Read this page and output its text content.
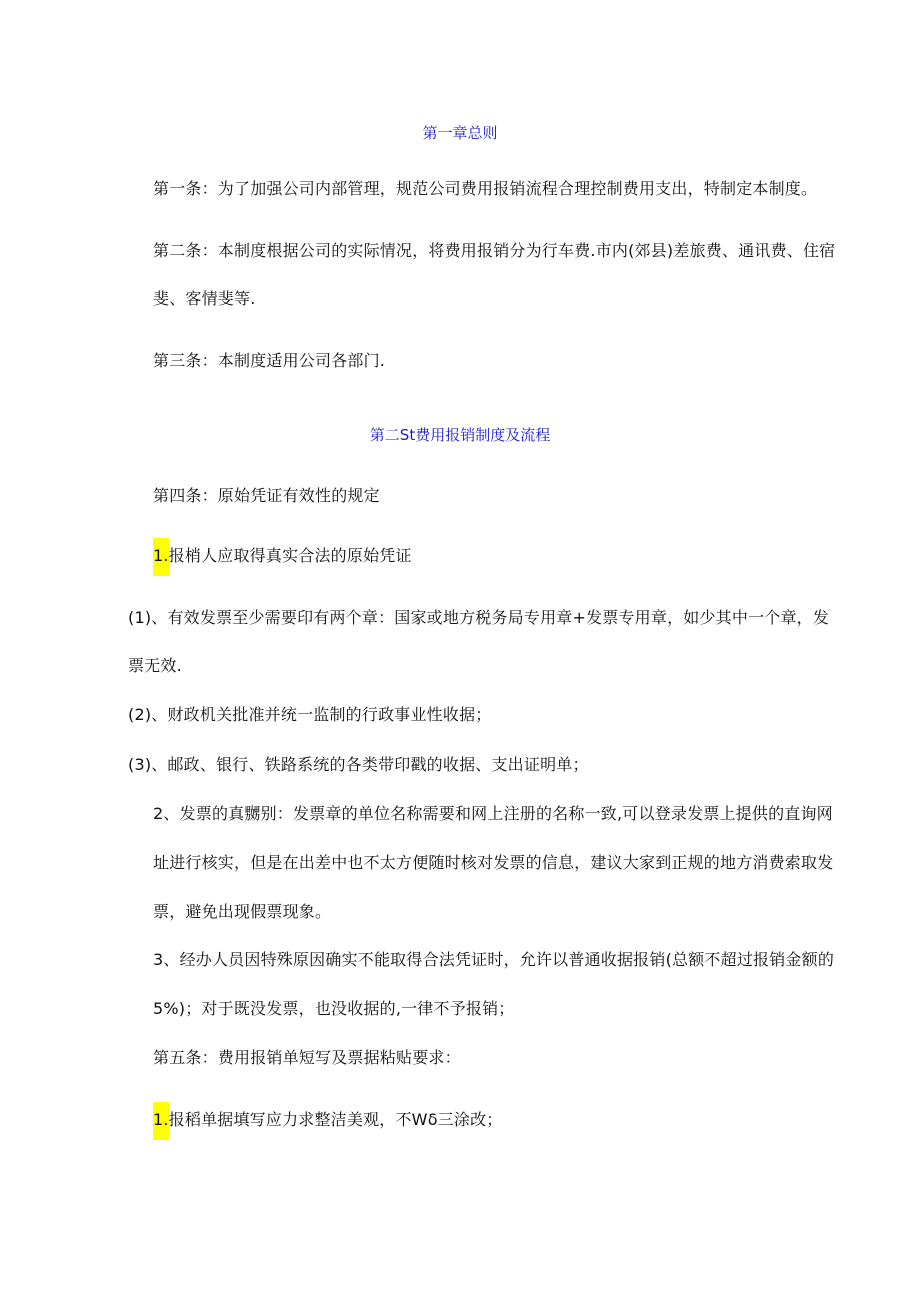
第一章总则
第一条：为了加强公司内部管理，规范公司费用报销流程合理控制费用支出，特制定本制度。
第二条：本制度根据公司的实际情况，将费用报销分为行车费.市内(郊县)差旅费、通讯费、住宿
斐、客情斐等.
第三条：本制度适用公司各部门.
第二St费用报销制度及流程
第四条：原始凭证有效性的规定
1.报梢人应取得真实合法的原始凭证
(1)、有效发票至少需要印有两个章：国家或地方税务局专用章+发票专用章，如少其中一个章，发
票无效.
(2)、财政机关批准并统一监制的行政事业性收据；
(3)、邮政、银行、铁路系统的各类带印戳的收据、支出证明单；
2、发票的真嬲别：发票章的单位名称需要和网上注册的名称一致,可以登录发票上提供的直询网
址进行核实，但是在出差中也不太方便随时核对发票的信息，建议大家到正规的地方消费索取发
票，避免出现假票现象。
3、经办人员因特殊原因确实不能取得合法凭证时，允许以普通收据报销(总额不超过报销金额的
5%)；对于既没发票，也没收据的,一律不予报销；
第五条：费用报销单短写及票据粘贴要求：
1.报稻单据填写应力求整洁美观，不Wδ三涂改；
